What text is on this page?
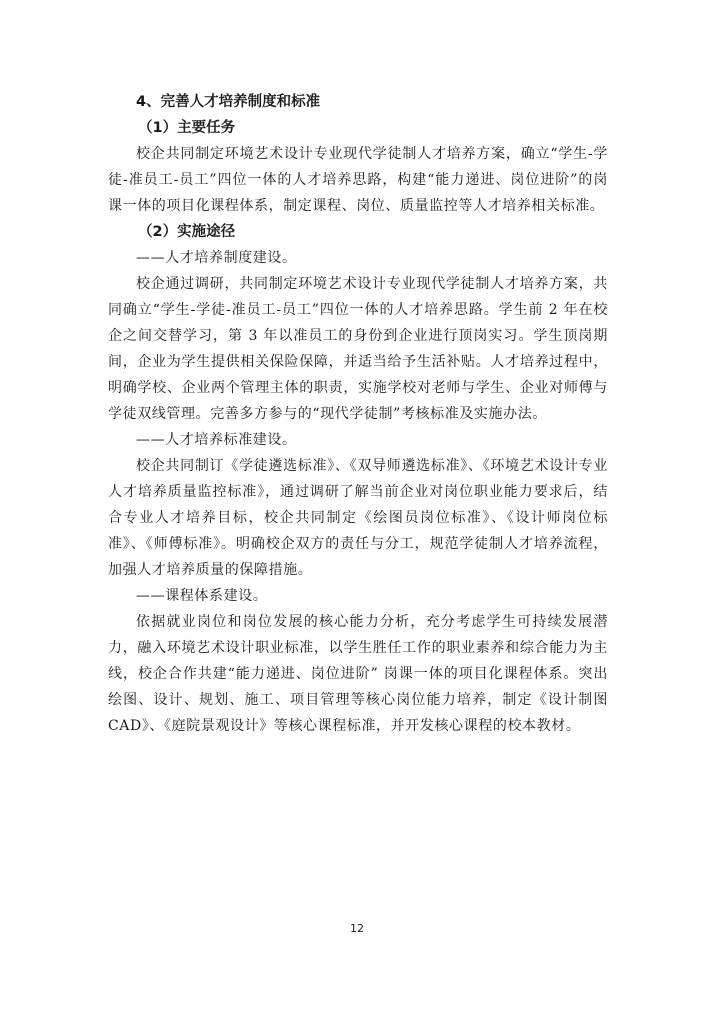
4、完善人才培养制度和标准

（1）主要任务

校企共同制定环境艺术设计专业现代学徒制人才培养方案，确立“学生-学徒-准员工-员工”四位一体的人才培养思路，构建“能力递进、岗位进阶”的岗课一体的项目化课程体系，制定课程、岗位、质量监控等人才培养相关标准。

（2）实施途径

——人才培养制度建设。

校企通过调研，共同制定环境艺术设计专业现代学徒制人才培养方案，共同确立“学生-学徒-准员工-员工”四位一体的人才培养思路。学生前 2 年在校企之间交替学习，第 3 年以准员工的身份到企业进行顶岗实习。学生顶岗期间，企业为学生提供相关保险保障，并适当给予生活补贴。人才培养过程中，明确学校、企业两个管理主体的职责，实施学校对老师与学生、企业对师傅与学徒双线管理。完善多方参与的“现代学徒制”考核标准及实施办法。

——人才培养标准建设。

校企共同制订《学徒遴选标准》、《双导师遴选标准》、《环境艺术设计专业人才培养质量监控标准》，通过调研了解当前企业对岗位职业能力要求后，结合专业人才培养目标，校企共同制定《绘图员岗位标准》、《设计师岗位标准》、《师傅标准》。明确校企双方的责任与分工，规范学徒制人才培养流程，加强人才培养质量的保障措施。

——课程体系建设。

依据就业岗位和岗位发展的核心能力分析，充分考虑学生可持续发展潜力，融入环境艺术设计职业标准，以学生胜任工作的职业素养和综合能力为主线，校企合作共建“能力递进、岗位进阶” 岗课一体的项目化课程体系。突出绘图、设计、规划、施工、项目管理等核心岗位能力培养，制定《设计制图 CAD》、《庭院景观设计》等核心课程标准，并开发核心课程的校本教材。

12
